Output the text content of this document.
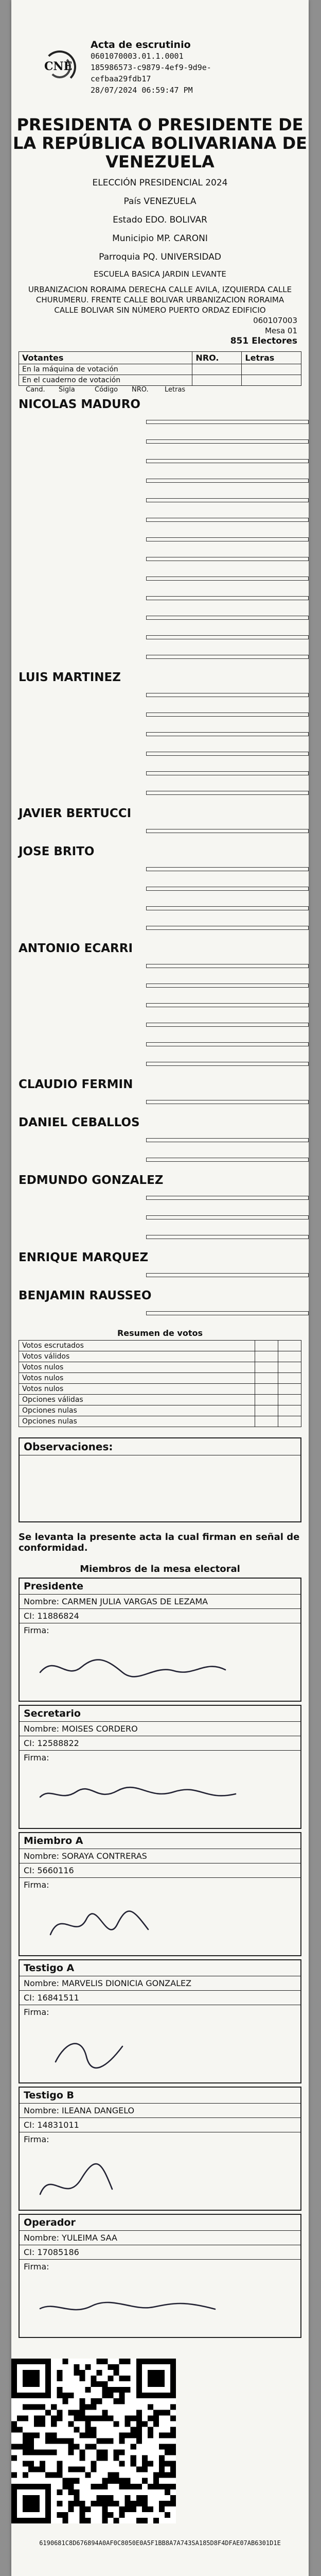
CNE
Acta de escrutinio
0601070003.01.1.0001
185986573-c9879-4ef9-9d9e-
cefbaa29fdb17
28/07/2024 06:59:47 PM
PRESIDENTA O PRESIDENTE DE LA REPÚBLICA BOLIVARIANA DE VENEZUELA
ELECCIÓN PRESIDENCIAL 2024
País VENEZUELA
Estado EDO. BOLIVAR
Municipio MP. CARONI
Parroquia PQ. UNIVERSIDAD
ESCUELA BASICA JARDIN LEVANTE
URBANIZACION RORAIMA DERECHA CALLE AVILA, IZQUIERDA CALLE CHURUMERU. FRENTE CALLE BOLIVAR URBANIZACION RORAIMA CALLE BOLIVAR SIN NÚMERO PUERTO ORDAZ EDIFICIO
060107003
Mesa 01
851 Electores
Votantes	NRO.	Letras
En la máquina de votación		
En el cuaderno de votación		
Cand.	Sigla	Código	NRO.	Letras
NICOLAS MADURO
LUIS MARTINEZ
JAVIER BERTUCCI
JOSE BRITO
ANTONIO ECARRI
CLAUDIO FERMIN
DANIEL CEBALLOS
EDMUNDO GONZALEZ
ENRIQUE MARQUEZ
BENJAMIN RAUSSEO
Resumen de votos
Votos escrutados		
Votos válidos		
Votos nulos		
Votos nulos		
Votos nulos		
Opciones válidas		
Opciones nulas		
Opciones nulas		
Observaciones:
Se levanta la presente acta la cual firman en señal de conformidad.
Miembros de la mesa electoral
Presidente
Nombre: CARMEN JULIA VARGAS DE LEZAMA
CI: 11886824
Firma:
Secretario
Nombre: MOISES CORDERO
CI: 12588822
Firma:
Miembro A
Nombre: SORAYA CONTRERAS
CI: 5660116
Firma:
Testigo A
Nombre: MARVELIS DIONICIA GONZALEZ
CI: 16841511
Firma:
Testigo B
Nombre: ILEANA DANGELO
CI: 14831011
Firma:
Operador
Nombre: YULEIMA SAA
CI: 17085186
Firma:
6190681C8D676894A0AF0C8050E0A5F1BB8A7A743SA185D8F4DFAE07AB6301D1E
